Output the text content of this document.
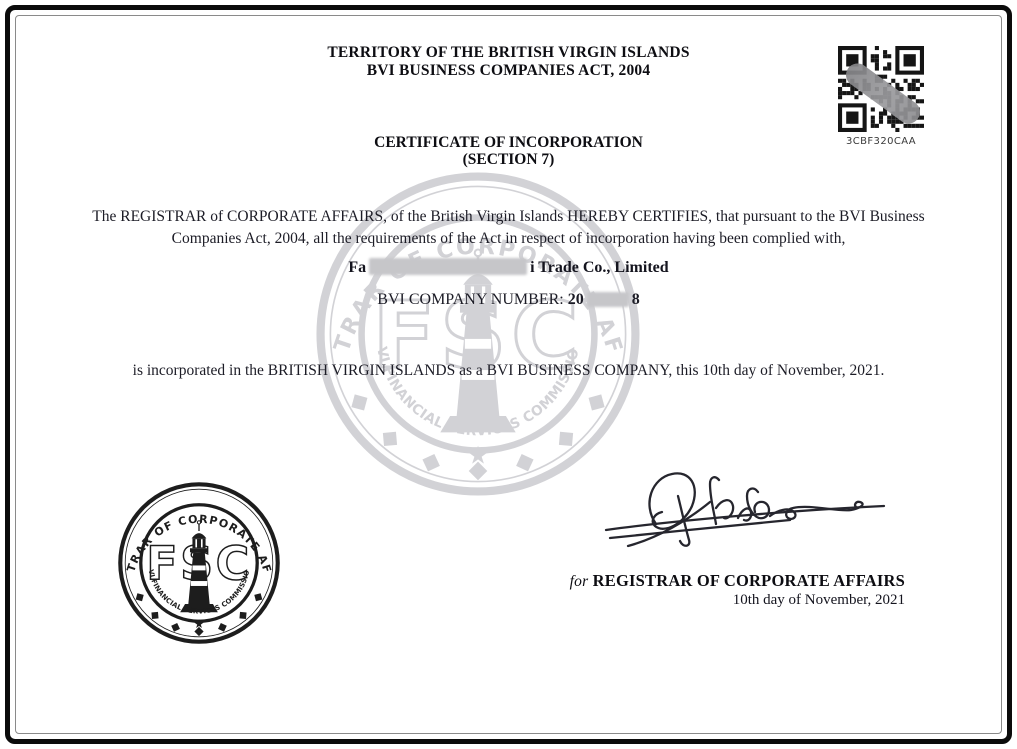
TERRITORY OF THE BRITISH VIRGIN ISLANDS
BVI BUSINESS COMPANIES ACT, 2004
3CBF320CAA
CERTIFICATE OF INCORPORATION
(SECTION 7)
The REGISTRAR of CORPORATE AFFAIRS, of the British Virgin Islands HEREBY CERTIFIES, that pursuant to the BVI Business Companies Act, 2004, all the requirements of the Act in respect of incorporation having been complied with,
Fa	i Trade Co., Limited
BVI COMPANY NUMBER: 20	8
is incorporated in the BRITISH VIRGIN ISLANDS as a BVI BUSINESS COMPANY, this 10th day of November, 2021.
for REGISTRAR OF CORPORATE AFFAIRS
10th day of November, 2021
